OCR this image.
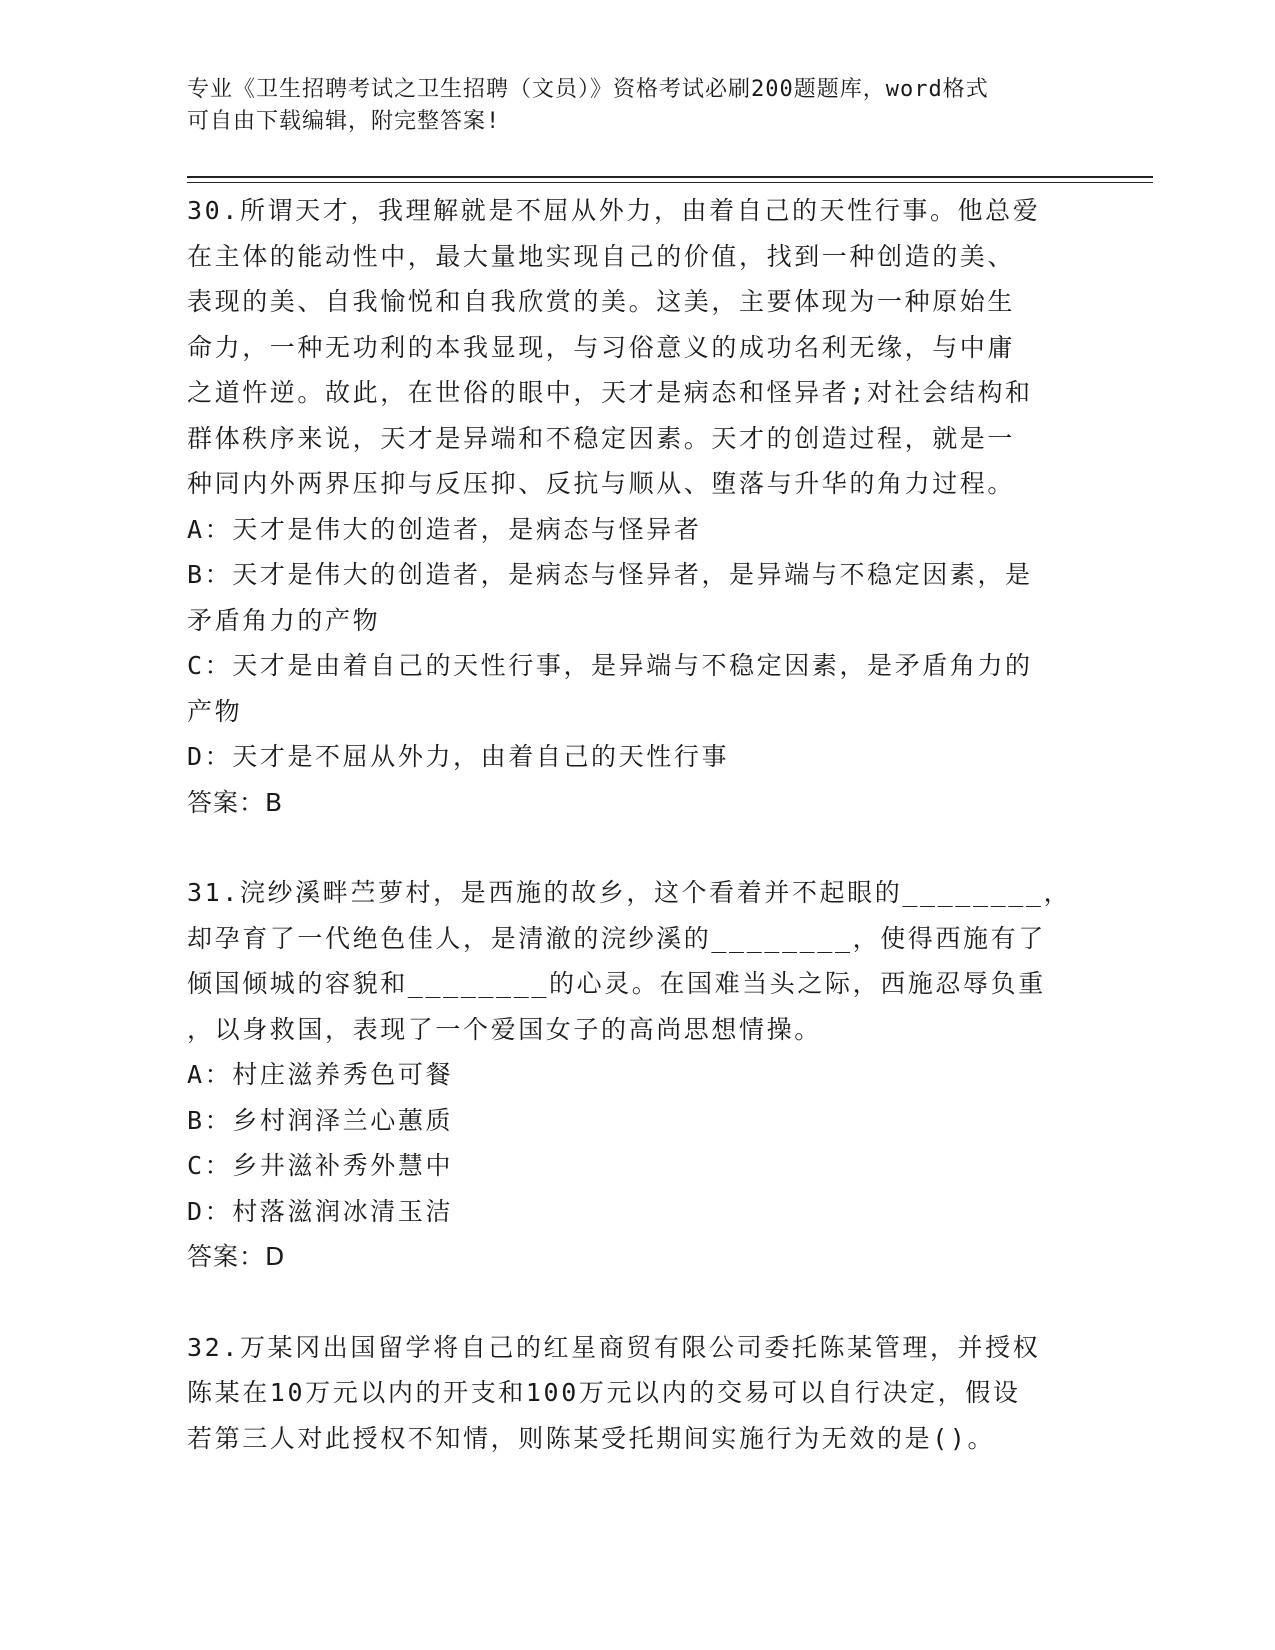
专业《卫生招聘考试之卫生招聘（文员）》资格考试必刷200题题库，word格式
可自由下载编辑，附完整答案!
30.所谓天才，我理解就是不屈从外力，由着自己的天性行事。他总爱
在主体的能动性中，最大量地实现自己的价值，找到一种创造的美、
表现的美、自我愉悦和自我欣赏的美。这美，主要体现为一种原始生
命力，一种无功利的本我显现，与习俗意义的成功名利无缘，与中庸
之道忤逆。故此，在世俗的眼中，天才是病态和怪异者;对社会结构和
群体秩序来说，天才是异端和不稳定因素。天才的创造过程，就是一
种同内外两界压抑与反压抑、反抗与顺从、堕落与升华的角力过程。
A：天才是伟大的创造者，是病态与怪异者
B：天才是伟大的创造者，是病态与怪异者，是异端与不稳定因素，是
矛盾角力的产物
C：天才是由着自己的天性行事，是异端与不稳定因素，是矛盾角力的
产物
D：天才是不屈从外力，由着自己的天性行事
答案：B
31.浣纱溪畔苎萝村，是西施的故乡，这个看着并不起眼的________，
却孕育了一代绝色佳人，是清澈的浣纱溪的________，使得西施有了
倾国倾城的容貌和________的心灵。在国难当头之际，西施忍辱负重
，以身救国，表现了一个爱国女子的高尚思想情操。
A：村庄滋养秀色可餐
B：乡村润泽兰心蕙质
C：乡井滋补秀外慧中
D：村落滋润冰清玉洁
答案：D
32.万某冈出国留学将自己的红星商贸有限公司委托陈某管理，并授权
陈某在10万元以内的开支和100万元以内的交易可以自行决定，假设
若第三人对此授权不知情，则陈某受托期间实施行为无效的是()。
